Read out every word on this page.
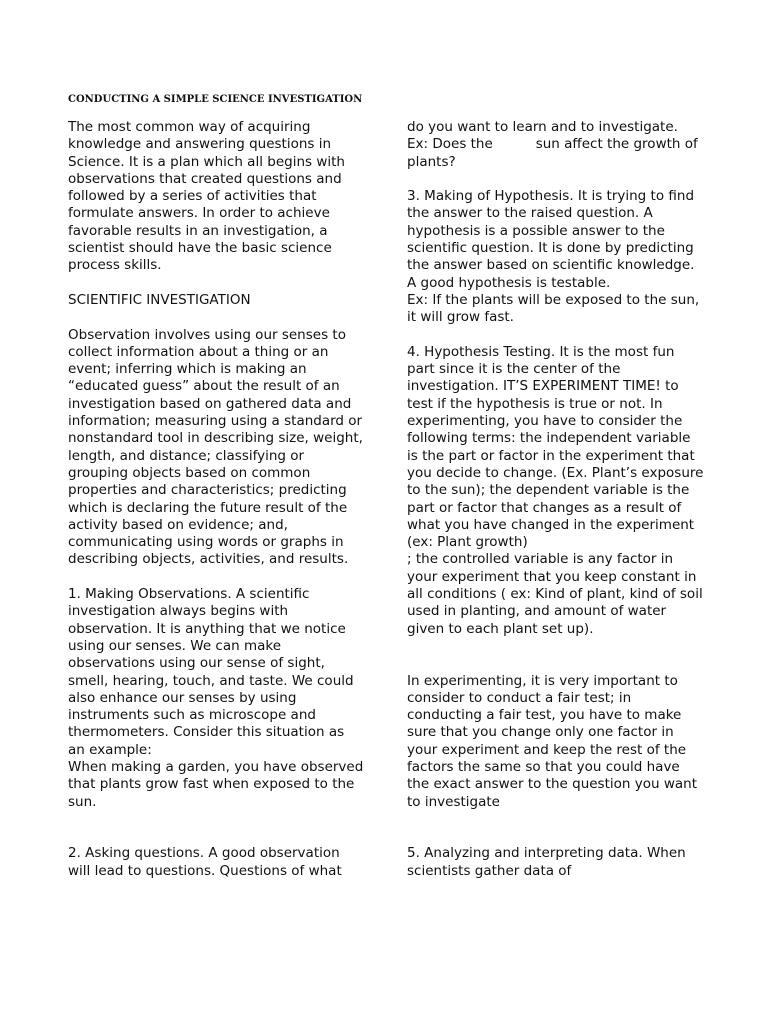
CONDUCTING A SIMPLE SCIENCE INVESTIGATION

The most common way of acquiring knowledge and answering questions in Science. It is a plan which all begins with observations that created questions and followed by a series of activities that formulate answers. In order to achieve favorable results in an investigation, a scientist should have the basic science process skills.

SCIENTIFIC INVESTIGATION

Observation involves using our senses to collect information about a thing or an event; inferring which is making an “educated guess” about the result of an investigation based on gathered data and information; measuring using a standard or nonstandard tool in describing size, weight, length, and distance; classifying or grouping objects based on common properties and characteristics; predicting which is declaring the future result of the activity based on evidence; and, communicating using words or graphs in describing objects, activities, and results.

1. Making Observations. A scientific investigation always begins with observation. It is anything that we notice using our senses. We can make observations using our sense of sight, smell, hearing, touch, and taste. We could also enhance our senses by using instruments such as microscope and thermometers. Consider this situation as an example:

When making a garden, you have observed that plants grow fast when exposed to the sun.

2. Asking questions. A good observation will lead to questions. Questions of what

do you want to learn and to investigate.

Ex: Does the          sun affect the growth of plants?

3. Making of Hypothesis. It is trying to find the answer to the raised question. A hypothesis is a possible answer to the scientific question. It is done by predicting the answer based on scientific knowledge. A good hypothesis is testable.

Ex: If the plants will be exposed to the sun, it will grow fast.

4. Hypothesis Testing. It is the most fun part since it is the center of the investigation. IT’S EXPERIMENT TIME! to test if the hypothesis is true or not. In experimenting, you have to consider the following terms: the independent variable is the part or factor in the experiment that you decide to change. (Ex. Plant’s exposure to the sun); the dependent variable is the part or factor that changes as a result of what you have changed in the experiment (ex: Plant growth)

; the controlled variable is any factor in your experiment that you keep constant in all conditions ( ex: Kind of plant, kind of soil used in planting, and amount of water given to each plant set up).

In experimenting, it is very important to consider to conduct a fair test; in conducting a fair test, you have to make sure that you change only one factor in your experiment and keep the rest of the factors the same so that you could have the exact answer to the question you want to investigate

5. Analyzing and interpreting data. When scientists gather data of
